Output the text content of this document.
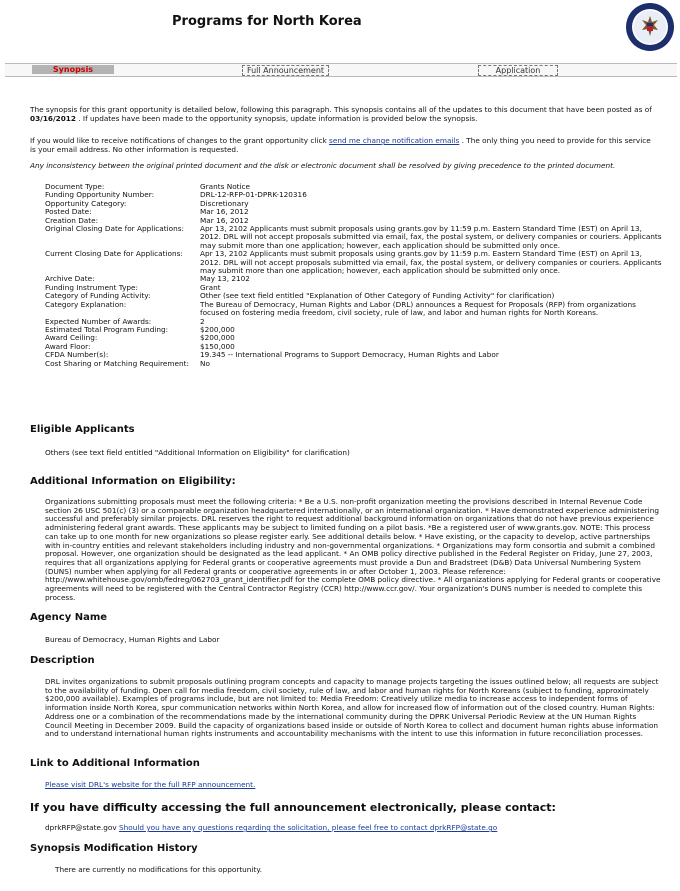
Programs for North Korea
Synopsis	Full Announcement	Application

The synopsis for this grant opportunity is detailed below, following this paragraph. This synopsis contains all of the updates to this document that have been posted as of 03/16/2012 . If updates have been made to the opportunity synopsis, update information is provided below the synopsis.

If you would like to receive notifications of changes to the grant opportunity click send me change notification emails . The only thing you need to provide for this service is your email address. No other information is requested.

Any inconsistency between the original printed document and the disk or electronic document shall be resolved by giving precedence to the printed document.

Document Type:	Grants Notice
Funding Opportunity Number:	DRL-12-RFP-01-DPRK-120316
Opportunity Category:	Discretionary
Posted Date:	Mar 16, 2012
Creation Date:	Mar 16, 2012
Original Closing Date for Applications:	Apr 13, 2102 Applicants must submit proposals using grants.gov by 11:59 p.m. Eastern Standard Time (EST) on April 13, 2012. DRL will not accept proposals submitted via email, fax, the postal system, or delivery companies or couriers. Applicants may submit more than one application; however, each application should be submitted only once.
Current Closing Date for Applications:	Apr 13, 2102 Applicants must submit proposals using grants.gov by 11:59 p.m. Eastern Standard Time (EST) on April 13, 2012. DRL will not accept proposals submitted via email, fax, the postal system, or delivery companies or couriers. Applicants may submit more than one application; however, each application should be submitted only once.
Archive Date:	May 13, 2102
Funding Instrument Type:	Grant
Category of Funding Activity:	Other (see text field entitled "Explanation of Other Category of Funding Activity" for clarification)
Category Explanation:	The Bureau of Democracy, Human Rights and Labor (DRL) announces a Request for Proposals (RFP) from organizations focused on fostering media freedom, civil society, rule of law, and labor and human rights for North Koreans.
Expected Number of Awards:	2
Estimated Total Program Funding:	$200,000
Award Ceiling:	$200,000
Award Floor:	$150,000
CFDA Number(s):	19.345 -- International Programs to Support Democracy, Human Rights and Labor
Cost Sharing or Matching Requirement:	No
Eligible Applicants

Others (see text field entitled "Additional Information on Eligibility" for clarification)

Additional Information on Eligibility:

Organizations submitting proposals must meet the following criteria: * Be a U.S. non-profit organization meeting the provisions described in Internal Revenue Code section 26 USC 501(c) (3) or a comparable organization headquartered internationally, or an international organization. * Have demonstrated experience administering successful and preferably similar projects. DRL reserves the right to request additional background information on organizations that do not have previous experience administering federal grant awards. These applicants may be subject to limited funding on a pilot basis. *Be a registered user of www.grants.gov. NOTE: This process can take up to one month for new organizations so please register early. See additional details below. * Have existing, or the capacity to develop, active partnerships with in-country entities and relevant stakeholders including industry and non-governmental organizations. * Organizations may form consortia and submit a combined proposal. However, one organization should be designated as the lead applicant. * An OMB policy directive published in the Federal Register on Friday, June 27, 2003, requires that all organizations applying for Federal grants or cooperative agreements must provide a Dun and Bradstreet (D&B) Data Universal Numbering System (DUNS) number when applying for all Federal grants or cooperative agreements in or after October 1, 2003. Please reference: http://www.whitehouse.gov/omb/fedreg/062703_grant_identifier.pdf for the complete OMB policy directive. * All organizations applying for Federal grants or cooperative agreements will need to be registered with the Central Contractor Registry (CCR) http://www.ccr.gov/. Your organization's DUNS number is needed to complete this process.

Agency Name

Bureau of Democracy, Human Rights and Labor

Description

DRL invites organizations to submit proposals outlining program concepts and capacity to manage projects targeting the issues outlined below; all requests are subject to the availability of funding. Open call for media freedom, civil society, rule of law, and labor and human rights for North Koreans (subject to funding, approximately $200,000 available). Examples of programs include, but are not limited to: Media Freedom: Creatively utilize media to increase access to independent forms of information inside North Korea, spur communication networks within North Korea, and allow for increased flow of information out of the closed country. Human Rights: Address one or a combination of the recommendations made by the international community during the DPRK Universal Periodic Review at the UN Human Rights Council Meeting in December 2009. Build the capacity of organizations based inside or outside of North Korea to collect and document human rights abuse information and to understand international human rights instruments and accountability mechanisms with the intent to use this information in future reconciliation processes.

Link to Additional Information

Please visit DRL's website for the full RFP announcement.

If you have difficulty accessing the full announcement electronically, please contact:

dprkRFP@state.gov Should you have any questions regarding the solicitation, please feel free to contact dprkRFP@state.go

Synopsis Modification History

There are currently no modifications for this opportunity.
